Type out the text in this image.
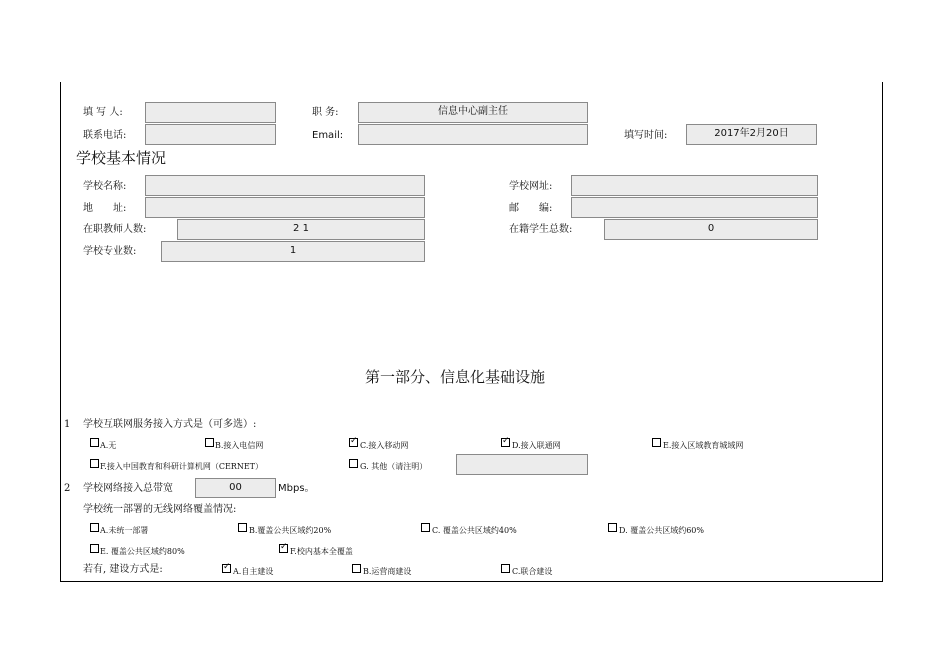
填 写 人:	职 务:	信息中心副主任
联系电话:	Email:	填写时间:	2017年2月20日
学校基本情况
学校名称:	学校网址:
地　　址:	邮　　编:
在职教师人数:	2 1	在籍学生总数:	0
学校专业数:	1
第一部分、信息化基础设施
1 学校互联网服务接入方式是（可多选）:
A.无	B.接入电信网 ✓	C.接入移动网 ✓	D.接入联通网	E.接入区域教育城域网
F.接入中国教育和科研计算机网（CERNET）	G. 其他（请注明）
2 学校网络接入总带宽	00	Mbps。
学校统一部署的无线网络覆盖情况:
A.未统一部署	B.覆盖公共区域约20%	C. 覆盖公共区域约40%	D. 覆盖公共区域约60%
E. 覆盖公共区域约80% ✓	F.校内基本全覆盖
若有, 建设方式是: ✓	A.自主建设	B.运营商建设	C.联合建设
